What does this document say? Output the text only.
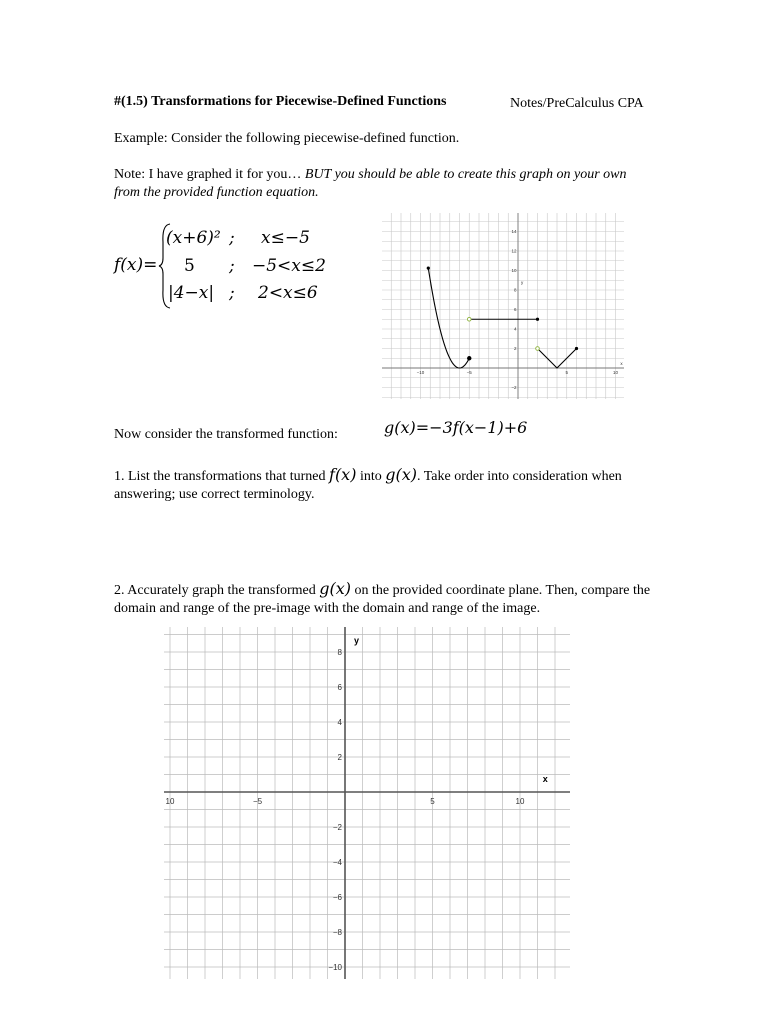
#(1.5) Transformations for Piecewise-Defined Functions	Notes/PreCalculus CPA
Example: Consider the following piecewise-defined function.
Note: I have graphed it for you… BUT you should be able to create this graph on your own from the provided function equation.
f(x)=
(x+6)² ; x≤−5
5 ; −5<x≤2
|4−x| ; 2<x≤6
−10	−5	5	10
14
12
10
8
6
4
2
−2
x
y
Now consider the transformed function:	g(x)=−3f(x−1)+6
1. List the transformations that turned f(x) into g(x). Take order into consideration when answering; use correct terminology.
2. Accurately graph the transformed g(x) on the provided coordinate plane. Then, compare the domain and range of the pre-image with the domain and range of the image.
10	−5	5	10
8
6
4
2
−2
−4
−6
−8
−10
x
y
